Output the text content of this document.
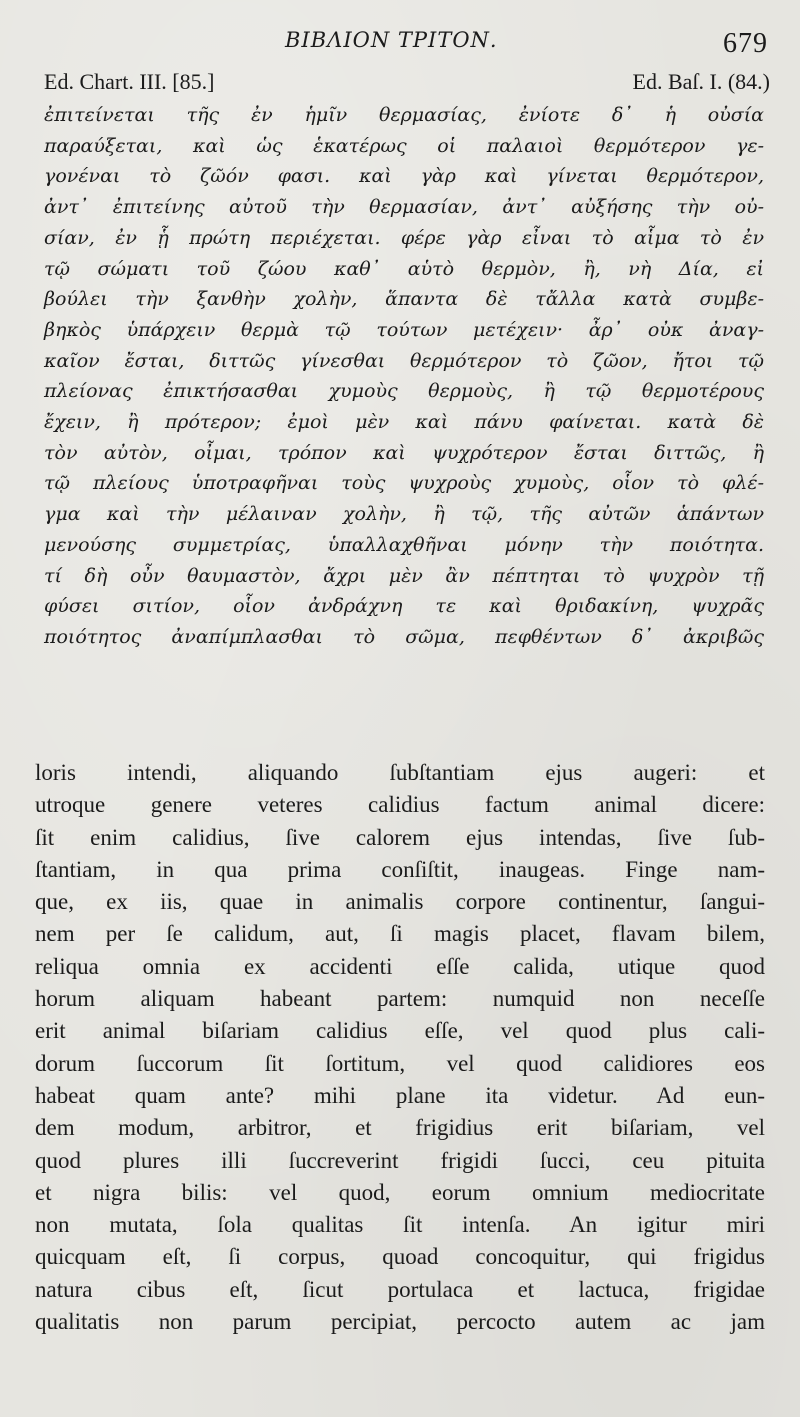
ΒΙΒΛΙΟΝ ΤΡΙΤΟΝ.	679
Ed. Chart. III. [85.]	Ed. Baſ. I. (84.)
ἐπιτείνεται τῆς ἐν ἡμῖν θερμασίας, ἐνίοτε δ᾽ ἡ οὐσία
παραύξεται, καὶ ὡς ἑκατέρως οἱ παλαιοὶ θερμότερον γε-
γονέναι τὸ ζῶόν φασι. καὶ γὰρ καὶ γίνεται θερμότερον,
ἀντ᾽ ἐπιτείνης αὐτοῦ τὴν θερμασίαν, ἀντ᾽ αὐξήσης τὴν οὐ-
σίαν, ἐν ᾗ πρώτη περιέχεται. φέρε γὰρ εἶναι τὸ αἷμα τὸ ἐν
τῷ σώματι τοῦ ζώου καθ᾽ αὑτὸ θερμὸν, ἢ, νὴ Δία, εἰ
βούλει τὴν ξανθὴν χολὴν, ἅπαντα δὲ τἄλλα κατὰ συμβε-
βηκὸς ὑπάρχειν θερμὰ τῷ τούτων μετέχειν· ἆρ᾽ οὐκ ἀναγ-
καῖον ἔσται, διττῶς γίνεσθαι θερμότερον τὸ ζῶον, ἤτοι τῷ
πλείονας ἐπικτήσασθαι χυμοὺς θερμοὺς, ἢ τῷ θερμοτέρους
ἔχειν, ἢ πρότερον; ἐμοὶ μὲν καὶ πάνυ φαίνεται. κατὰ δὲ
τὸν αὐτὸν, οἶμαι, τρόπον καὶ ψυχρότερον ἔσται διττῶς, ἢ
τῷ πλείους ὑποτραφῆναι τοὺς ψυχροὺς χυμοὺς, οἷον τὸ φλέ-
γμα καὶ τὴν μέλαιναν χολὴν, ἢ τῷ, τῆς αὐτῶν ἁπάντων
μενούσης συμμετρίας, ὑπαλλαχθῆναι μόνην τὴν ποιότητα.
τί δὴ οὖν θαυμαστὸν, ἄχρι μὲν ἂν πέπτηται τὸ ψυχρὸν τῇ
φύσει σιτίον, οἷον ἀνδράχνη τε καὶ θριδακίνη, ψυχρᾶς
ποιότητος ἀναπίμπλασθαι τὸ σῶμα, πεφθέντων δ᾽ ἀκριβῶς
loris intendi, aliquando ſubſtantiam ejus augeri: et
utroque genere veteres calidius factum animal dicere:
ſit enim calidius, ſive calorem ejus intendas, ſive ſub-
ſtantiam, in qua prima conſiſtit, inaugeas. Finge nam-
que, ex iis, quae in animalis corpore continentur, ſangui-
nem per ſe calidum, aut, ſi magis placet, flavam bilem,
reliqua omnia ex accidenti eſſe calida, utique quod
horum aliquam habeant partem: numquid non neceſſe
erit animal biſariam calidius eſſe, vel quod plus cali-
dorum ſuccorum ſit ſortitum, vel quod calidiores eos
habeat quam ante? mihi plane ita videtur. Ad eun-
dem modum, arbitror, et frigidius erit biſariam, vel
quod plures illi ſuccreverint frigidi ſucci, ceu pituita
et nigra bilis: vel quod, eorum omnium mediocritate
non mutata, ſola qualitas ſit intenſa. An igitur miri
quicquam eſt, ſi corpus, quoad concoquitur, qui frigidus
natura cibus eſt, ſicut portulaca et lactuca, frigidae
qualitatis non parum percipiat, percocto autem ac jam
